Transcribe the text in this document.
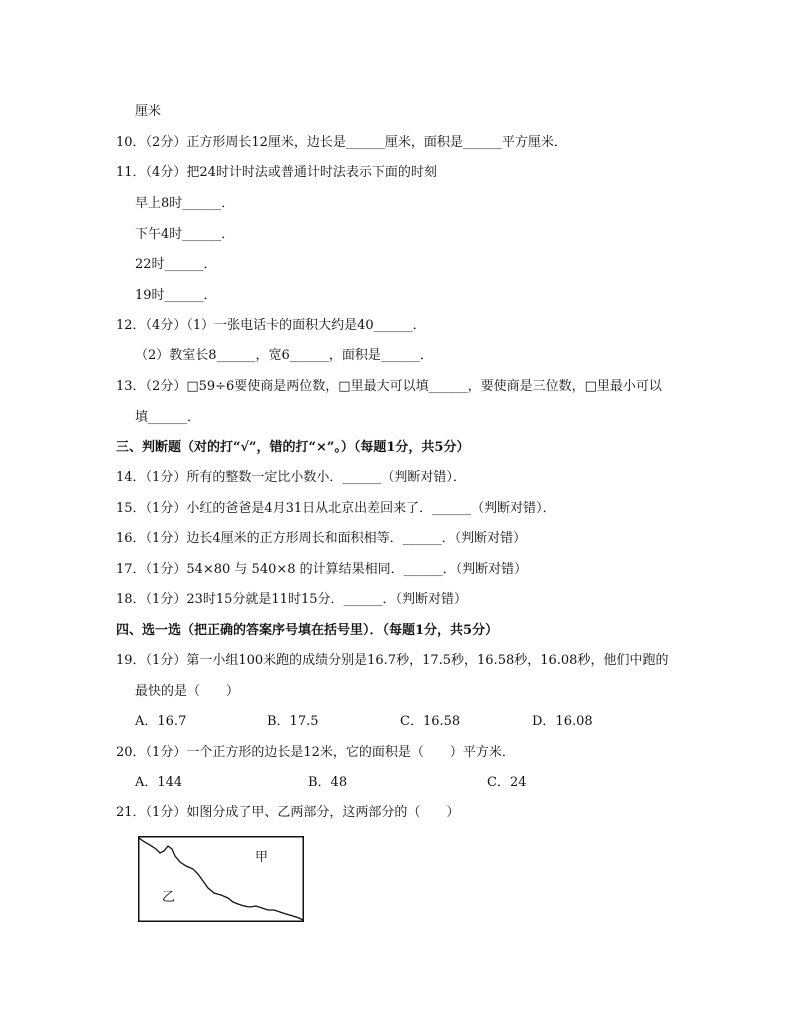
厘米
10．（2分）正方形周长12厘米，边长是______厘米，面积是______平方厘米．
11．（4分）把24时计时法或普通计时法表示下面的时刻
早上8时______．
下午4时______．
22时______．
19时______．
12．（4分）（1）一张电话卡的面积大约是40______．
（2）教室长8______，宽6______，面积是______．
13．（2分）□59÷6要使商是两位数，□里最大可以填______，要使商是三位数，□里最小可以
填______．
三、判断题（对的打“√”，错的打“×”。）（每题1分，共5分）
14．（1分）所有的整数一定比小数小．______（判断对错）．
15．（1分）小红的爸爸是4月31日从北京出差回来了．______（判断对错）．
16．（1分）边长4厘米的正方形周长和面积相等．______．（判断对错）
17．（1分）54×80 与 540×8 的计算结果相同．______．（判断对错）
18．（1分）23时15分就是11时15分．______．（判断对错）
四、选一选（把正确的答案序号填在括号里）．（每题1分，共5分）
19．（1分）第一小组100米跑的成绩分别是16.7秒，17.5秒，16.58秒，16.08秒，他们中跑的
最快的是（　　）
A．16.7	B．17.5	C．16.58	D．16.08
20．（1分）一个正方形的边长是12米，它的面积是（　　）平方米．
A．144	B．48	C．24
21．（1分）如图分成了甲、乙两部分，这两部分的（　　）
甲
乙
